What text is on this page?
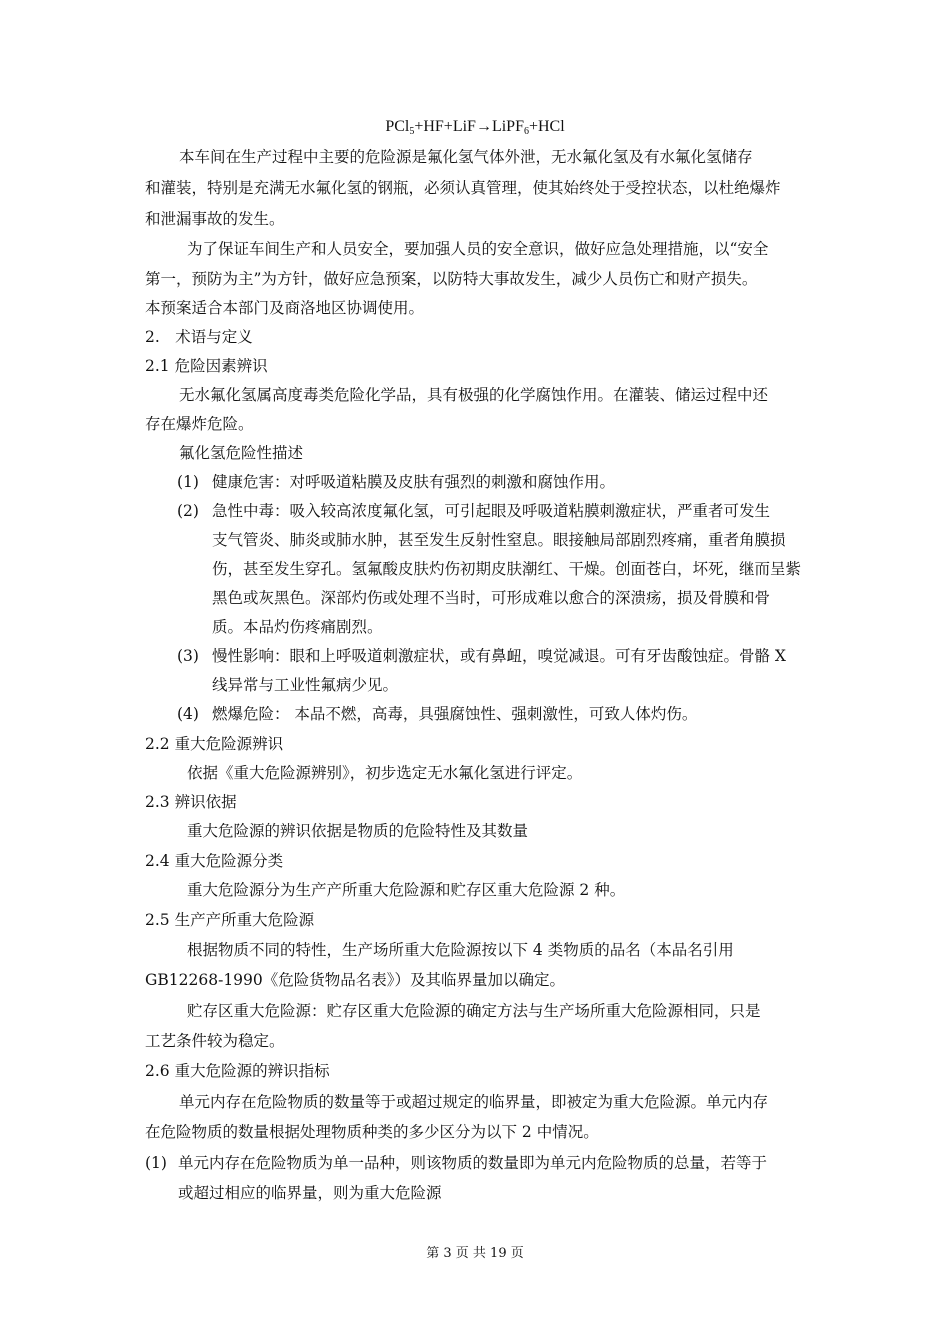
PCl$_5$+HF+LiF→LiPF$_6$+HCl
本车间在生产过程中主要的危险源是氟化氢气体外泄，无水氟化氢及有水氟化氢储存
和灌装，特别是充满无水氟化氢的钢瓶，必须认真管理，使其始终处于受控状态，以杜绝爆炸
和泄漏事故的发生。
为了保证车间生产和人员安全，要加强人员的安全意识，做好应急处理措施，以“安全
第一，预防为主”为方针，做好应急预案，以防特大事故发生，减少人员伤亡和财产损失。
本预案适合本部门及商洛地区协调使用。
2.　术语与定义
2.1 危险因素辨识
无水氟化氢属高度毒类危险化学品，具有极强的化学腐蚀作用。在灌装、储运过程中还
存在爆炸危险。
氟化氢危险性描述
(1) 健康危害：对呼吸道粘膜及皮肤有强烈的刺激和腐蚀作用。
(2) 急性中毒：吸入较高浓度氟化氢，可引起眼及呼吸道粘膜刺激症状，严重者可发生
支气管炎、肺炎或肺水肿，甚至发生反射性窒息。眼接触局部剧烈疼痛，重者角膜损
伤，甚至发生穿孔。氢氟酸皮肤灼伤初期皮肤潮红、干燥。创面苍白，坏死，继而呈紫
黑色或灰黑色。深部灼伤或处理不当时，可形成难以愈合的深溃疡，损及骨膜和骨
质。本品灼伤疼痛剧烈。
(3) 慢性影响：眼和上呼吸道刺激症状，或有鼻衄，嗅觉减退。可有牙齿酸蚀症。骨骼 X
线异常与工业性氟病少见。
(4) 燃爆危险： 本品不燃，高毒，具强腐蚀性、强刺激性，可致人体灼伤。
2.2 重大危险源辨识
依据《重大危险源辨别》，初步选定无水氟化氢进行评定。
2.3 辨识依据
重大危险源的辨识依据是物质的危险特性及其数量
2.4 重大危险源分类
重大危险源分为生产产所重大危险源和贮存区重大危险源 2 种。
2.5 生产产所重大危险源
根据物质不同的特性，生产场所重大危险源按以下 4 类物质的品名（本品名引用
GB12268-1990《危险货物品名表》）及其临界量加以确定。
贮存区重大危险源：贮存区重大危险源的确定方法与生产场所重大危险源相同，只是
工艺条件较为稳定。
2.6 重大危险源的辨识指标
单元内存在危险物质的数量等于或超过规定的临界量，即被定为重大危险源。单元内存
在危险物质的数量根据处理物质种类的多少区分为以下 2 中情况。
(1) 单元内存在危险物质为单一品种，则该物质的数量即为单元内危险物质的总量，若等于
或超过相应的临界量，则为重大危险源
第 3 页 共 19 页
